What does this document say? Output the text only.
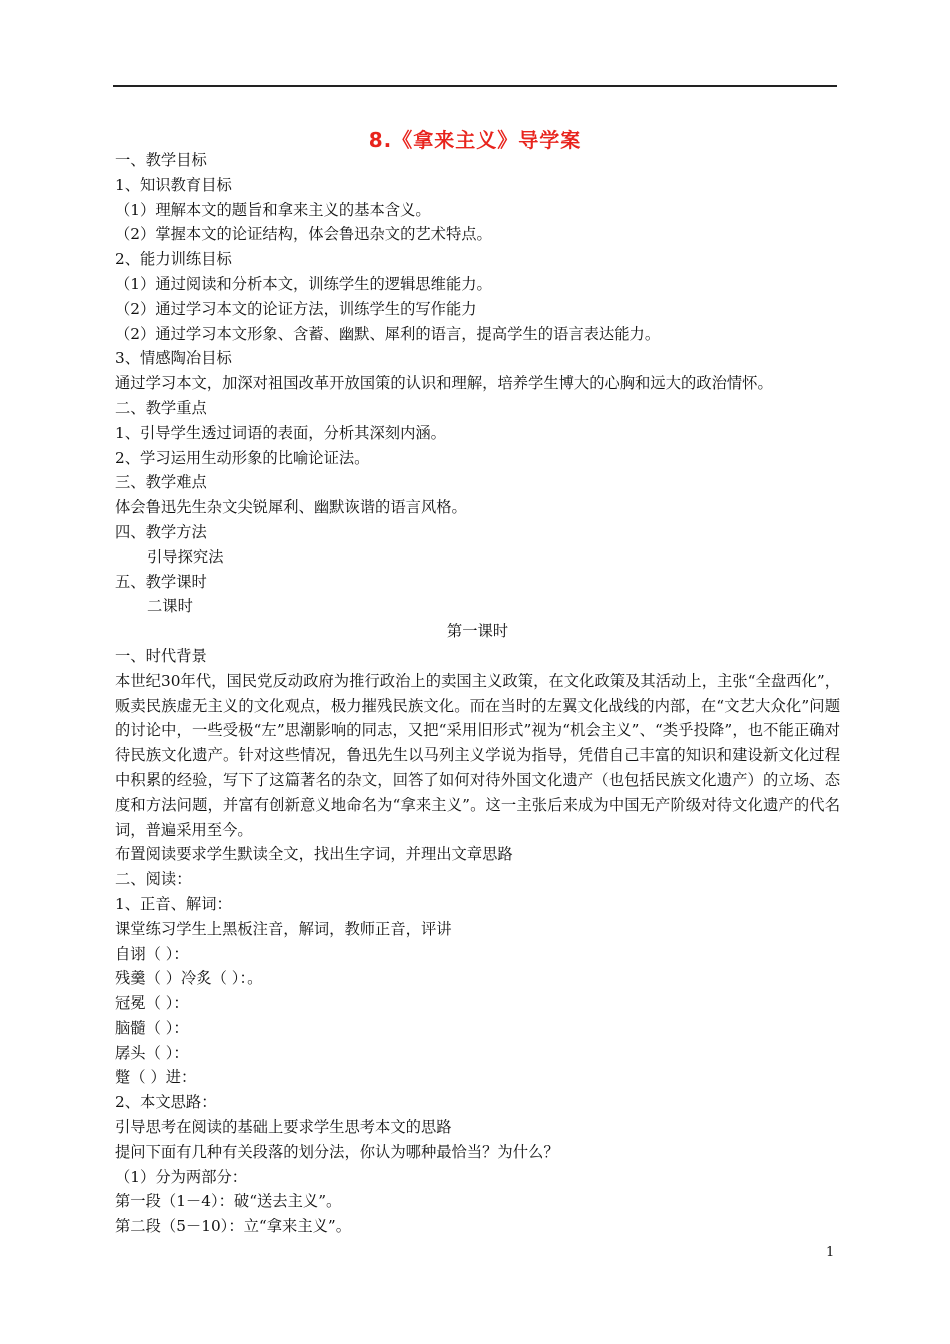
8.《拿来主义》导学案
一、教学目标
1、知识教育目标
（1）理解本文的题旨和拿来主义的基本含义。
（2）掌握本文的论证结构，体会鲁迅杂文的艺术特点。
2、能力训练目标
（1）通过阅读和分析本文，训练学生的逻辑思维能力。
（2）通过学习本文的论证方法，训练学生的写作能力
（2）通过学习本文形象、含蓄、幽默、犀利的语言，提高学生的语言表达能力。
3、情感陶冶目标
通过学习本文，加深对祖国改革开放国策的认识和理解，培养学生博大的心胸和远大的政治情怀。
二、教学重点
1、引导学生透过词语的表面，分析其深刻内涵。
2、学习运用生动形象的比喻论证法。
三、教学难点
体会鲁迅先生杂文尖锐犀利、幽默诙谐的语言风格。
四、教学方法
引导探究法
五、教学课时
二课时
第一课时
一、时代背景
本世纪30年代，国民党反动政府为推行政治上的卖国主义政策，在文化政策及其活动上，主张“全盘西化”，贩卖民族虚无主义的文化观点，极力摧残民族文化。而在当时的左翼文化战线的内部，在“文艺大众化”问题的讨论中，一些受极“左”思潮影响的同志，又把“采用旧形式”视为“机会主义”、“类乎投降”，也不能正确对待民族文化遗产。针对这些情况，鲁迅先生以马列主义学说为指导，凭借自己丰富的知识和建设新文化过程中积累的经验，写下了这篇著名的杂文，回答了如何对待外国文化遗产（也包括民族文化遗产）的立场、态度和方法问题，并富有创新意义地命名为“拿来主义”。这一主张后来成为中国无产阶级对待文化遗产的代名词，普遍采用至今。
布置阅读要求学生默读全文，找出生字词，并理出文章思路
二、阅读：
1、正音、解词：
课堂练习学生上黑板注音，解词，教师正音，评讲
自诩（ ）：
残羹（ ）冷炙（ ）：。
冠冕（ ）：
脑髓（ ）：
孱头（ ）：
蹩（ ）进：
2、本文思路：
引导思考在阅读的基础上要求学生思考本文的思路
提问下面有几种有关段落的划分法，你认为哪种最恰当？为什么？
（1）分为两部分：
第一段（1－4）：破“送去主义”。
第二段（5－10）：立“拿来主义”。
1
